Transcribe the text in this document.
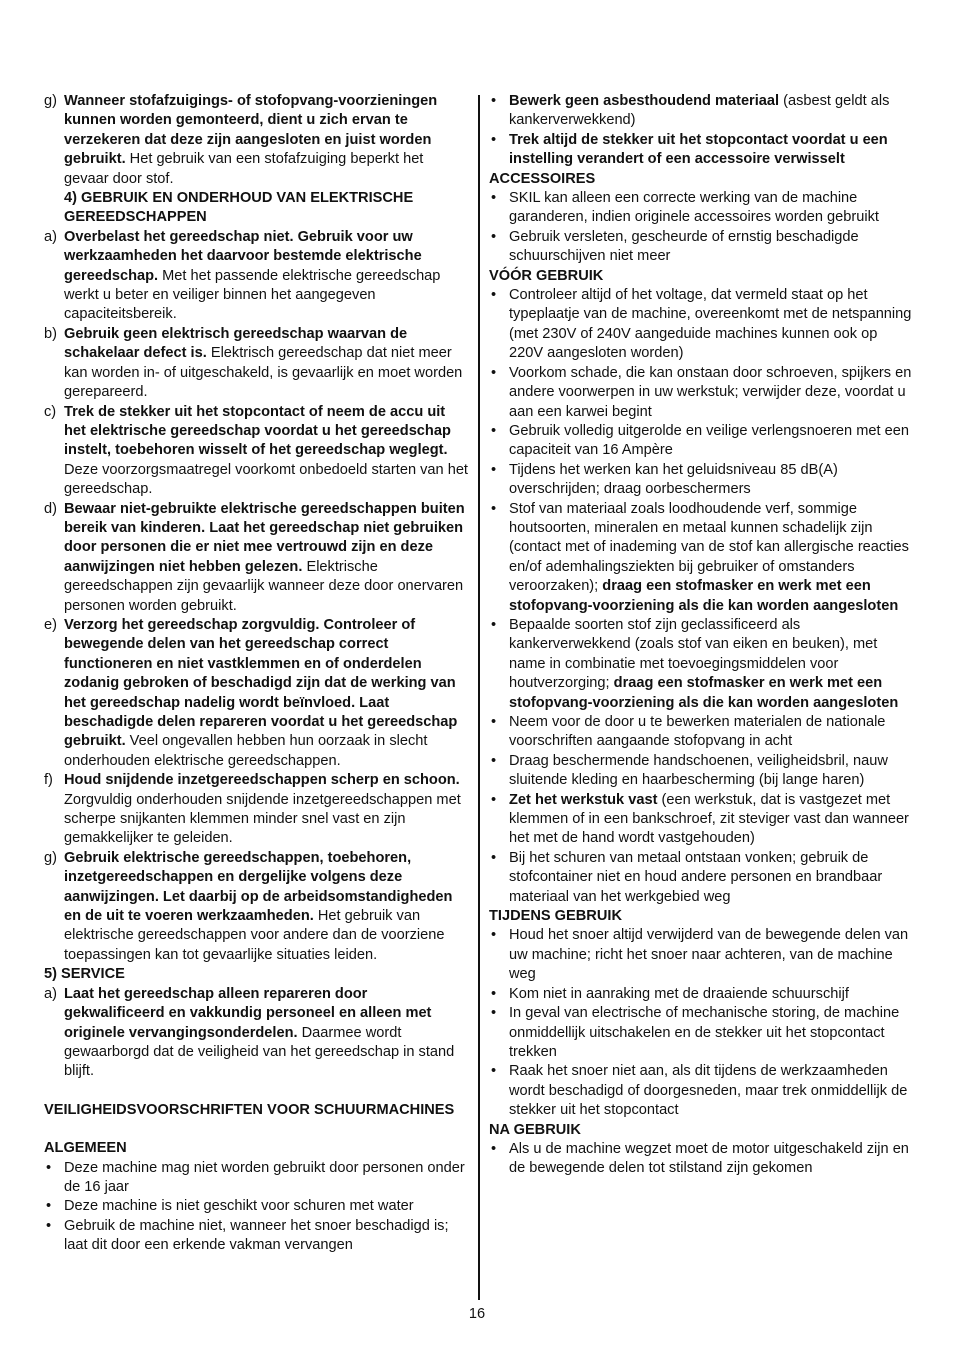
g) Wanneer stofafzuigings- of stofopvang-voorzieningen kunnen worden gemonteerd, dient u zich ervan te verzekeren dat deze zijn aangesloten en juist worden gebruikt. Het gebruik van een stofafzuiging beperkt het gevaar door stof.
4) GEBRUIK EN ONDERHOUD VAN ELEKTRISCHE GEREEDSCHAPPEN
a) Overbelast het gereedschap niet. Gebruik voor uw werkzaamheden het daarvoor bestemde elektrische gereedschap. Met het passende elektrische gereedschap werkt u beter en veiliger binnen het aangegeven capaciteitsbereik.
b) Gebruik geen elektrisch gereedschap waarvan de schakelaar defect is. Elektrisch gereedschap dat niet meer kan worden in- of uitgeschakeld, is gevaarlijk en moet worden gerepareerd.
c) Trek de stekker uit het stopcontact of neem de accu uit het elektrische gereedschap voordat u het gereedschap instelt, toebehoren wisselt of het gereedschap weglegt. Deze voorzorgsmaatregel voorkomt onbedoeld starten van het gereedschap.
d) Bewaar niet-gebruikte elektrische gereedschappen buiten bereik van kinderen. Laat het gereedschap niet gebruiken door personen die er niet mee vertrouwd zijn en deze aanwijzingen niet hebben gelezen. Elektrische gereedschappen zijn gevaarlijk wanneer deze door onervaren personen worden gebruikt.
e) Verzorg het gereedschap zorgvuldig. Controleer of bewegende delen van het gereedschap correct functioneren en niet vastklemmen en of onderdelen zodanig gebroken of beschadigd zijn dat de werking van het gereedschap nadelig wordt beïnvloed. Laat beschadigde delen repareren voordat u het gereedschap gebruikt. Veel ongevallen hebben hun oorzaak in slecht onderhouden elektrische gereedschappen.
f) Houd snijdende inzetgereedschappen scherp en schoon. Zorgvuldig onderhouden snijdende inzetgereedschappen met scherpe snijkanten klemmen minder snel vast en zijn gemakkelijker te geleiden.
g) Gebruik elektrische gereedschappen, toebehoren, inzetgereedschappen en dergelijke volgens deze aanwijzingen. Let daarbij op de arbeidsomstandigheden en de uit te voeren werkzaamheden. Het gebruik van elektrische gereedschappen voor andere dan de voorziene toepassingen kan tot gevaarlijke situaties leiden.
5) SERVICE
a) Laat het gereedschap alleen repareren door gekwalificeerd en vakkundig personeel en alleen met originele vervangingsonderdelen. Daarmee wordt gewaarborgd dat de veiligheid van het gereedschap in stand blijft.
VEILIGHEIDSVOORSCHRIFTEN VOOR SCHUURMACHINES
ALGEMEEN
• Deze machine mag niet worden gebruikt door personen onder de 16 jaar
• Deze machine is niet geschikt voor schuren met water
• Gebruik de machine niet, wanneer het snoer beschadigd is; laat dit door een erkende vakman vervangen
• Bewerk geen asbesthoudend materiaal (asbest geldt als kankerverwekkend)
• Trek altijd de stekker uit het stopcontact voordat u een instelling verandert of een accessoire verwisselt
ACCESSOIRES
• SKIL kan alleen een correcte werking van de machine garanderen, indien originele accessoires worden gebruikt
• Gebruik versleten, gescheurde of ernstig beschadigde schuurschijven niet meer
VÓÓR GEBRUIK
• Controleer altijd of het voltage, dat vermeld staat op het typeplaatje van de machine, overeenkomt met de netspanning (met 230V of 240V aangeduide machines kunnen ook op 220V aangesloten worden)
• Voorkom schade, die kan onstaan door schroeven, spijkers en andere voorwerpen in uw werkstuk; verwijder deze, voordat u aan een karwei begint
• Gebruik volledig uitgerolde en veilige verlengsnoeren met een capaciteit van 16 Ampère
• Tijdens het werken kan het geluidsniveau 85 dB(A) overschrijden; draag oorbeschermers
• Stof van materiaal zoals loodhoudende verf, sommige houtsoorten, mineralen en metaal kunnen schadelijk zijn (contact met of inademing van de stof kan allergische reacties en/of ademhalingsziekten bij gebruiker of omstanders veroorzaken); draag een stofmasker en werk met een stofopvang-voorziening als die kan worden aangesloten
• Bepaalde soorten stof zijn geclassificeerd als kankerverwekkend (zoals stof van eiken en beuken), met name in combinatie met toevoegingsmiddelen voor houtverzorging; draag een stofmasker en werk met een stofopvang-voorziening als die kan worden aangesloten
• Neem voor de door u te bewerken materialen de nationale voorschriften aangaande stofopvang in acht
• Draag beschermende handschoenen, veiligheidsbril, nauw sluitende kleding en haarbescherming (bij lange haren)
• Zet het werkstuk vast (een werkstuk, dat is vastgezet met klemmen of in een bankschroef, zit steviger vast dan wanneer het met de hand wordt vastgehouden)
• Bij het schuren van metaal ontstaan vonken; gebruik de stofcontainer niet en houd andere personen en brandbaar materiaal van het werkgebied weg
TIJDENS GEBRUIK
• Houd het snoer altijd verwijderd van de bewegende delen van uw machine; richt het snoer naar achteren, van de machine weg
• Kom niet in aanraking met de draaiende schuurschijf
• In geval van electrische of mechanische storing, de machine onmiddellijk uitschakelen en de stekker uit het stopcontact trekken
• Raak het snoer niet aan, als dit tijdens de werkzaamheden wordt beschadigd of doorgesneden, maar trek onmiddellijk de stekker uit het stopcontact
NA GEBRUIK
• Als u de machine wegzet moet de motor uitgeschakeld zijn en de bewegende delen tot stilstand zijn gekomen
16
